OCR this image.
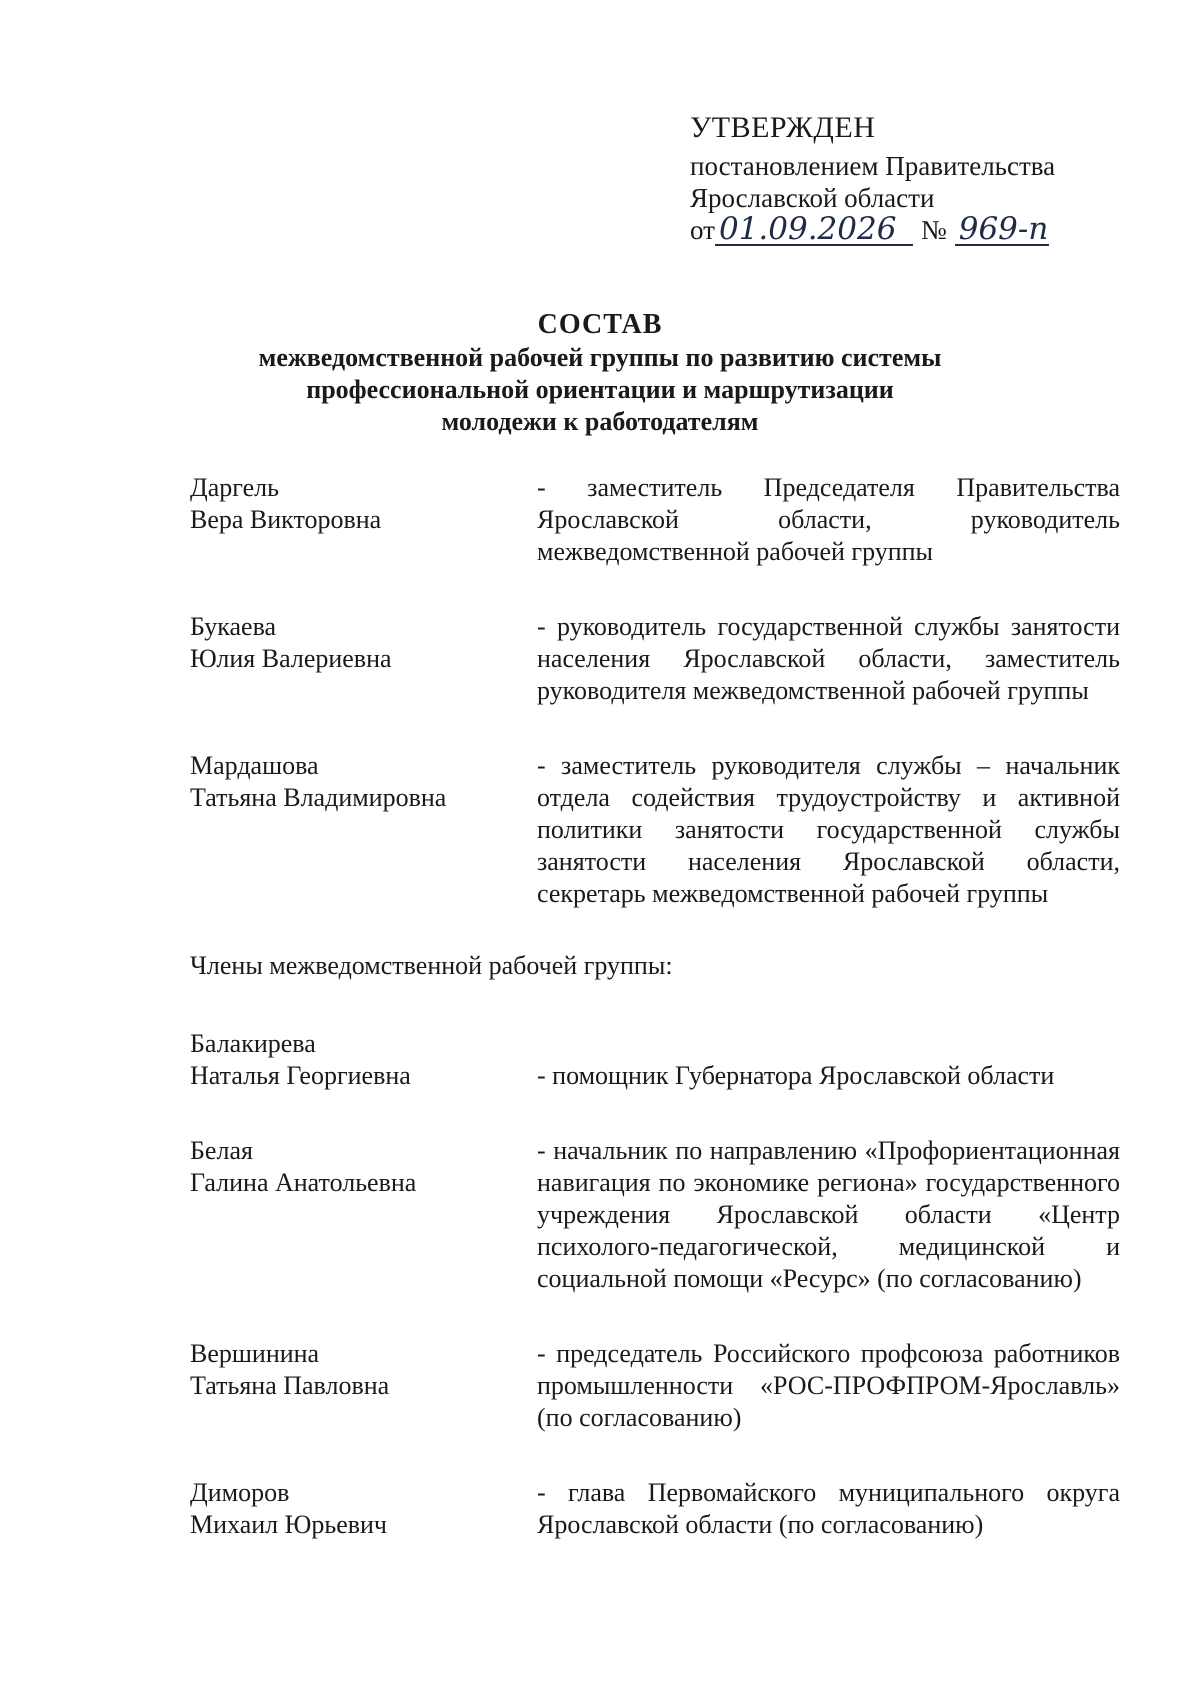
УТВЕРЖДЕН
постановлением Правительства
Ярославской области
от 01.09.2026 № 969-п
СОСТАВ
межведомственной рабочей группы по развитию системы
профессиональной ориентации и маршрутизации
молодежи к работодателям
Даргель
Вера Викторовна
- заместитель Председателя Правительства Ярославской области, руководитель межведомственной рабочей группы
Букаева
Юлия Валериевна
- руководитель государственной службы занятости населения Ярославской области, заместитель руководителя межведомственной рабочей группы
Мардашова
Татьяна Владимировна
- заместитель руководителя службы – начальник отдела содействия трудоустройству и активной политики занятости государственной службы занятости населения Ярославской области, секретарь межведомственной рабочей группы
Члены межведомственной рабочей группы:
Балакирева
Наталья Георгиевна	- помощник Губернатора Ярославской области
Белая
Галина Анатольевна
- начальник по направлению «Профориентационная навигация по экономике региона» государственного учреждения Ярославской области «Центр психолого-педагогической, медицинской и социальной помощи «Ресурс» (по согласованию)
Вершинина
Татьяна Павловна
- председатель Российского профсоюза работников промышленности «РОС-ПРОФПРОМ-Ярославль» (по согласованию)
Диморов
Михаил Юрьевич
- глава Первомайского муниципального округа Ярославской области (по согласованию)
